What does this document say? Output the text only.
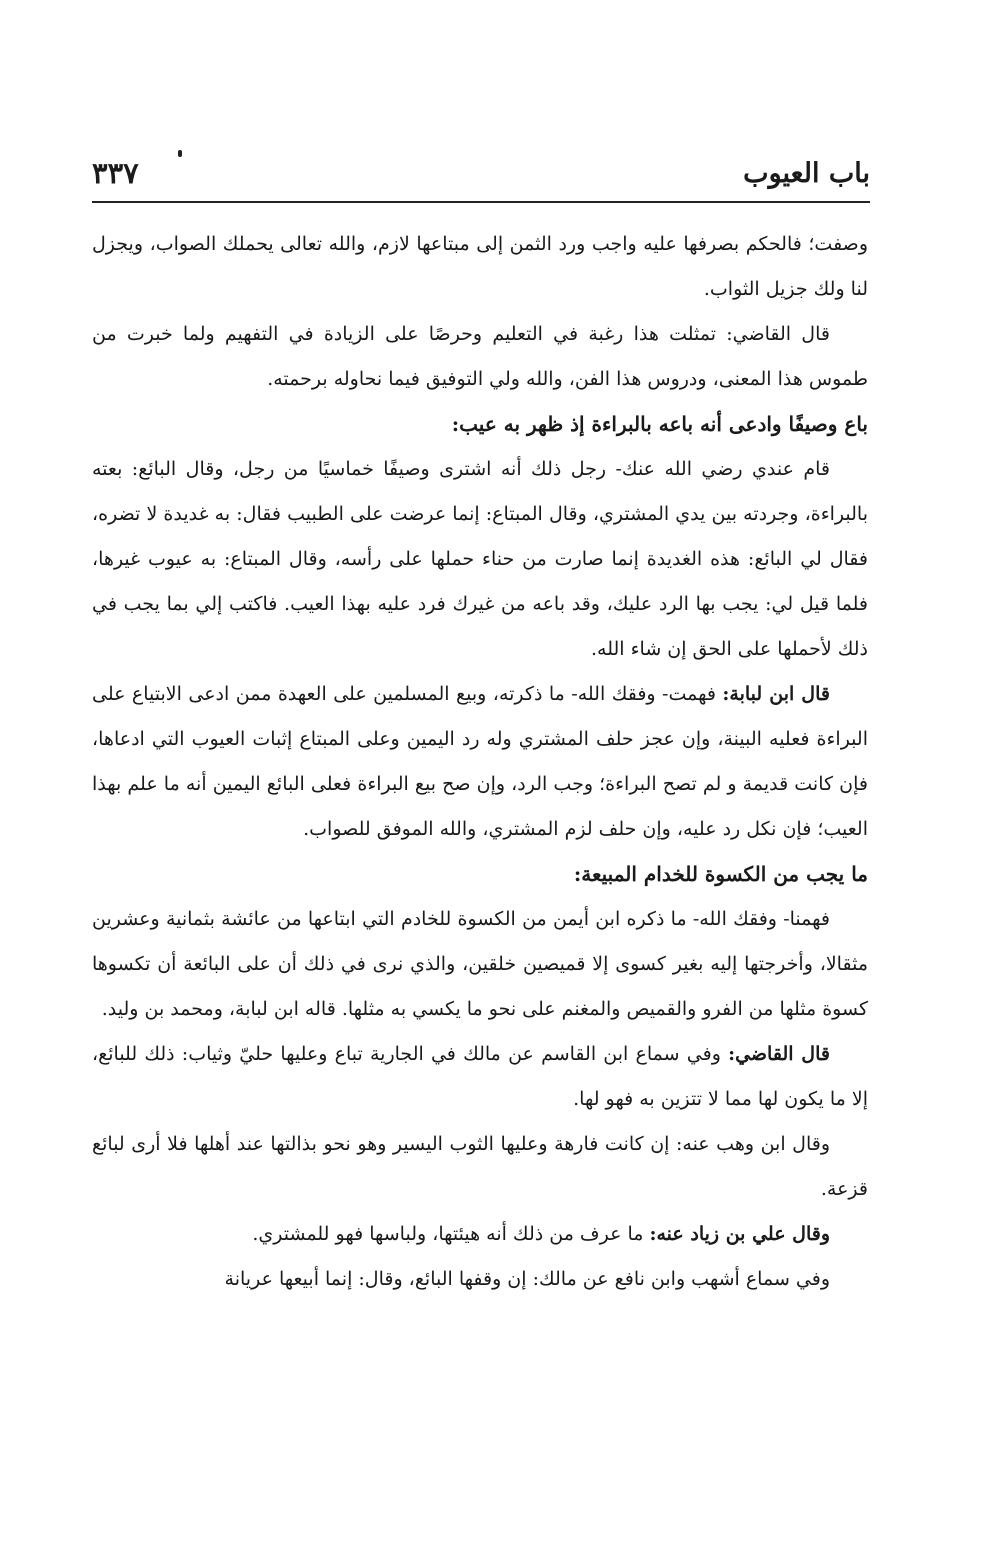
باب العيوب
٣٣٧

وصفت؛ فالحكم بصرفها عليه واجب ورد الثمن إلى مبتاعها لازم، والله تعالى يحملك الصواب، ويجزل لنا ولك جزيل الثواب.

قال القاضي: تمثلت هذا رغبة في التعليم وحرصًا على الزيادة في التفهيم ولما خبرت من طموس هذا المعنى، ودروس هذا الفن، والله ولي التوفيق فيما نحاوله برحمته.

باع وصيفًا وادعى أنه باعه بالبراءة إذ ظهر به عيب:

قام عندي رضي الله عنك- رجل ذلك أنه اشترى وصيفًا خماسيًا من رجل، وقال البائع: بعته بالبراءة، وجردته بين يدي المشتري، وقال المبتاع: إنما عرضت على الطبيب فقال: به غديدة لا تضره، فقال لي البائع: هذه الغديدة إنما صارت من حناء حملها على رأسه، وقال المبتاع: به عيوب غيرها، فلما قيل لي: يجب بها الرد عليك، وقد باعه من غيرك فرد عليه بهذا العيب. فاكتب إلي بما يجب في ذلك لأحملها على الحق إن شاء الله.

قال ابن لبابة: فهمت- وفقك الله- ما ذكرته، وبيع المسلمين على العهدة ممن ادعى الابتياع على البراءة فعليه البينة، وإن عجز حلف المشتري وله رد اليمين وعلى المبتاع إثبات العيوب التي ادعاها، فإن كانت قديمة و لم تصح البراءة؛ وجب الرد، وإن صح بيع البراءة فعلى البائع اليمين أنه ما علم بهذا العيب؛ فإن نكل رد عليه، وإن حلف لزم المشتري، والله الموفق للصواب.

ما يجب من الكسوة للخدام المبيعة:

فهمنا- وفقك الله- ما ذكره ابن أيمن من الكسوة للخادم التي ابتاعها من عائشة بثمانية وعشرين مثقالا، وأخرجتها إليه بغير كسوى إلا قميصين خلقين، والذي نرى في ذلك أن على البائعة أن تكسوها كسوة مثلها من الفرو والقميص والمغنم على نحو ما يكسي به مثلها. قاله ابن لبابة، ومحمد بن وليد.

قال القاضي: وفي سماع ابن القاسم عن مالك في الجارية تباع وعليها حليّ وثياب: ذلك للبائع، إلا ما يكون لها مما لا تتزين به فهو لها.

وقال ابن وهب عنه: إن كانت فارهة وعليها الثوب اليسير وهو نحو بذالتها عند أهلها فلا أرى لبائع قزعة.

وقال علي بن زياد عنه: ما عرف من ذلك أنه هيئتها، ولباسها فهو للمشتري.

وفي سماع أشهب وابن نافع عن مالك: إن وقفها البائع، وقال: إنما أبيعها عريانة
